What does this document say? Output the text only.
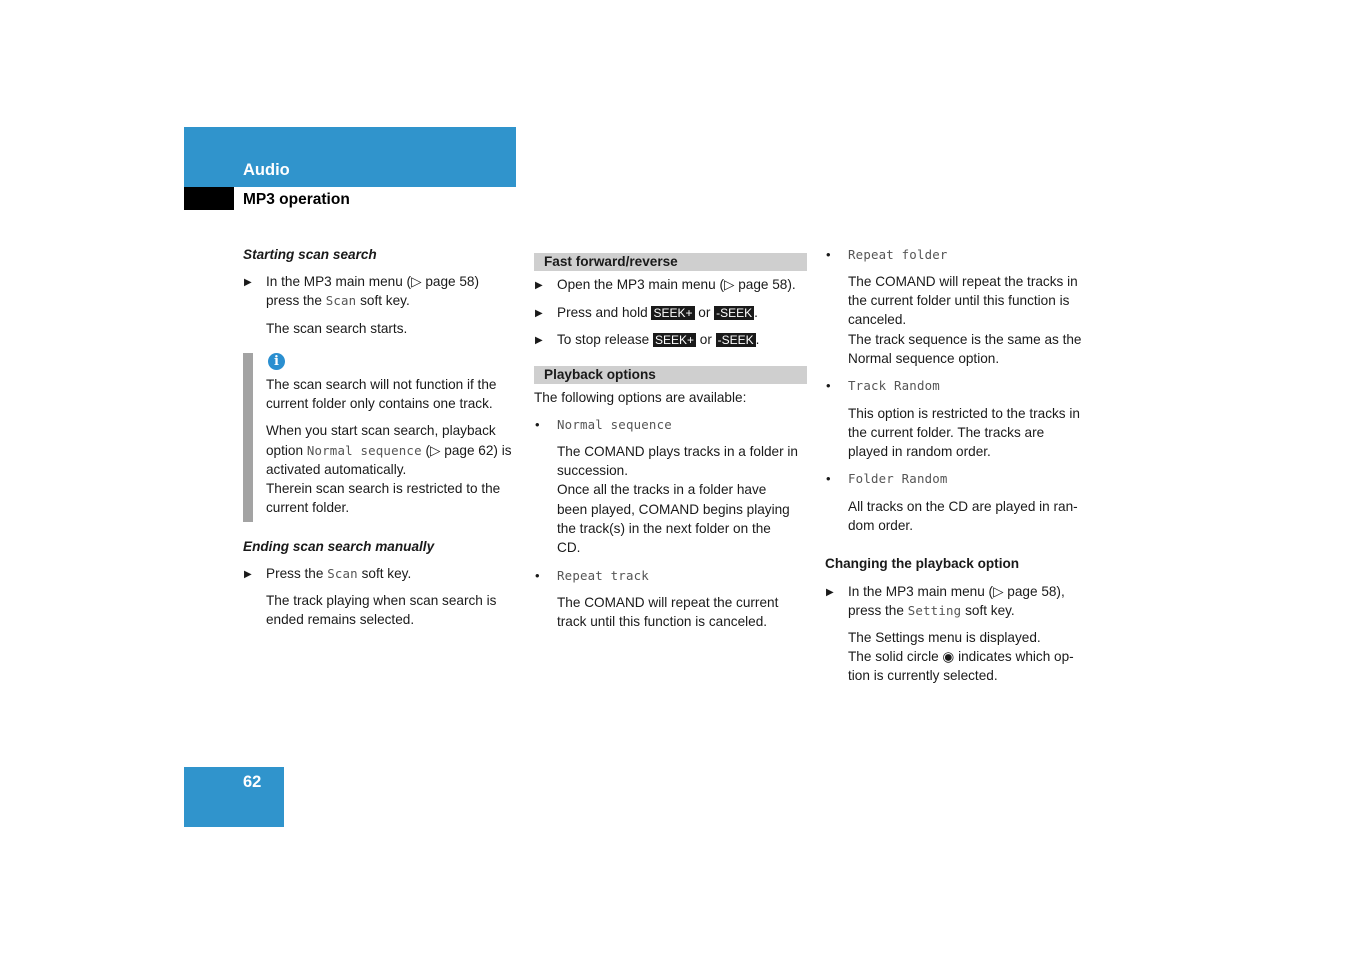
Audio
MP3 operation
Starting scan search
▶ In the MP3 main menu (▷ page 58)
press the Scan soft key.
The scan search starts.
i
The scan search will not function if the
current folder only contains one track.
When you start scan search, playback
option Normal sequence (▷ page 62) is
activated automatically.
Therein scan search is restricted to the
current folder.
Ending scan search manually
▶ Press the Scan soft key.
The track playing when scan search is
ended remains selected.
Fast forward/reverse
▶ Open the MP3 main menu (▷ page 58).
▶ Press and hold SEEK+ or -SEEK .
▶ To stop release SEEK+ or -SEEK .
Playback options
The following options are available:
• Normal sequence
The COMAND plays tracks in a folder in
succession.
Once all the tracks in a folder have
been played, COMAND begins playing
the track(s) in the next folder on the
CD.
• Repeat track
The COMAND will repeat the current
track until this function is canceled.
• Repeat folder
The COMAND will repeat the tracks in
the current folder until this function is
canceled.
The track sequence is the same as the
Normal sequence option.
• Track Random
This option is restricted to the tracks in
the current folder. The tracks are
played in random order.
• Folder Random
All tracks on the CD are played in ran-
dom order.
Changing the playback option
▶ In the MP3 main menu (▷ page 58),
press the Setting soft key.
The Settings menu is displayed.
The solid circle ◉ indicates which op-
tion is currently selected.
62
